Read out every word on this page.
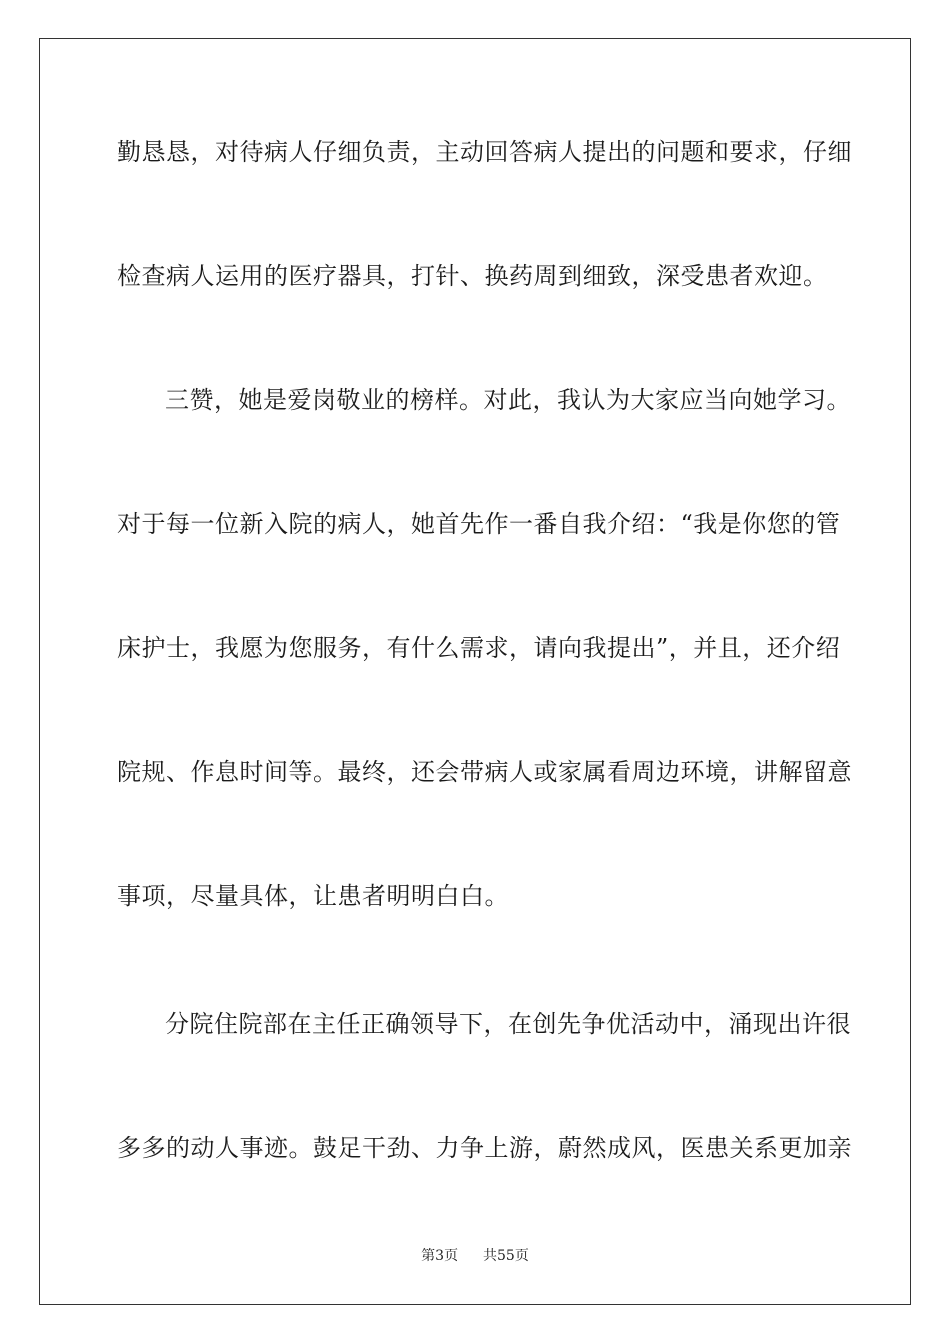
勤恳恳，对待病人仔细负责，主动回答病人提出的问题和要求，仔细
检查病人运用的医疗器具，打针、换药周到细致，深受患者欢迎。
三赞，她是爱岗敬业的榜样。对此，我认为大家应当向她学习。
对于每一位新入院的病人，她首先作一番自我介绍：“我是你您的管
床护士，我愿为您服务，有什么需求，请向我提出”，并且，还介绍
院规、作息时间等。最终，还会带病人或家属看周边环境，讲解留意
事项，尽量具体，让患者明明白白。
分院住院部在主任正确领导下，在创先争优活动中，涌现出许很
多多的动人事迹。鼓足干劲、力争上游，蔚然成风，医患关系更加亲
第3页 共55页
